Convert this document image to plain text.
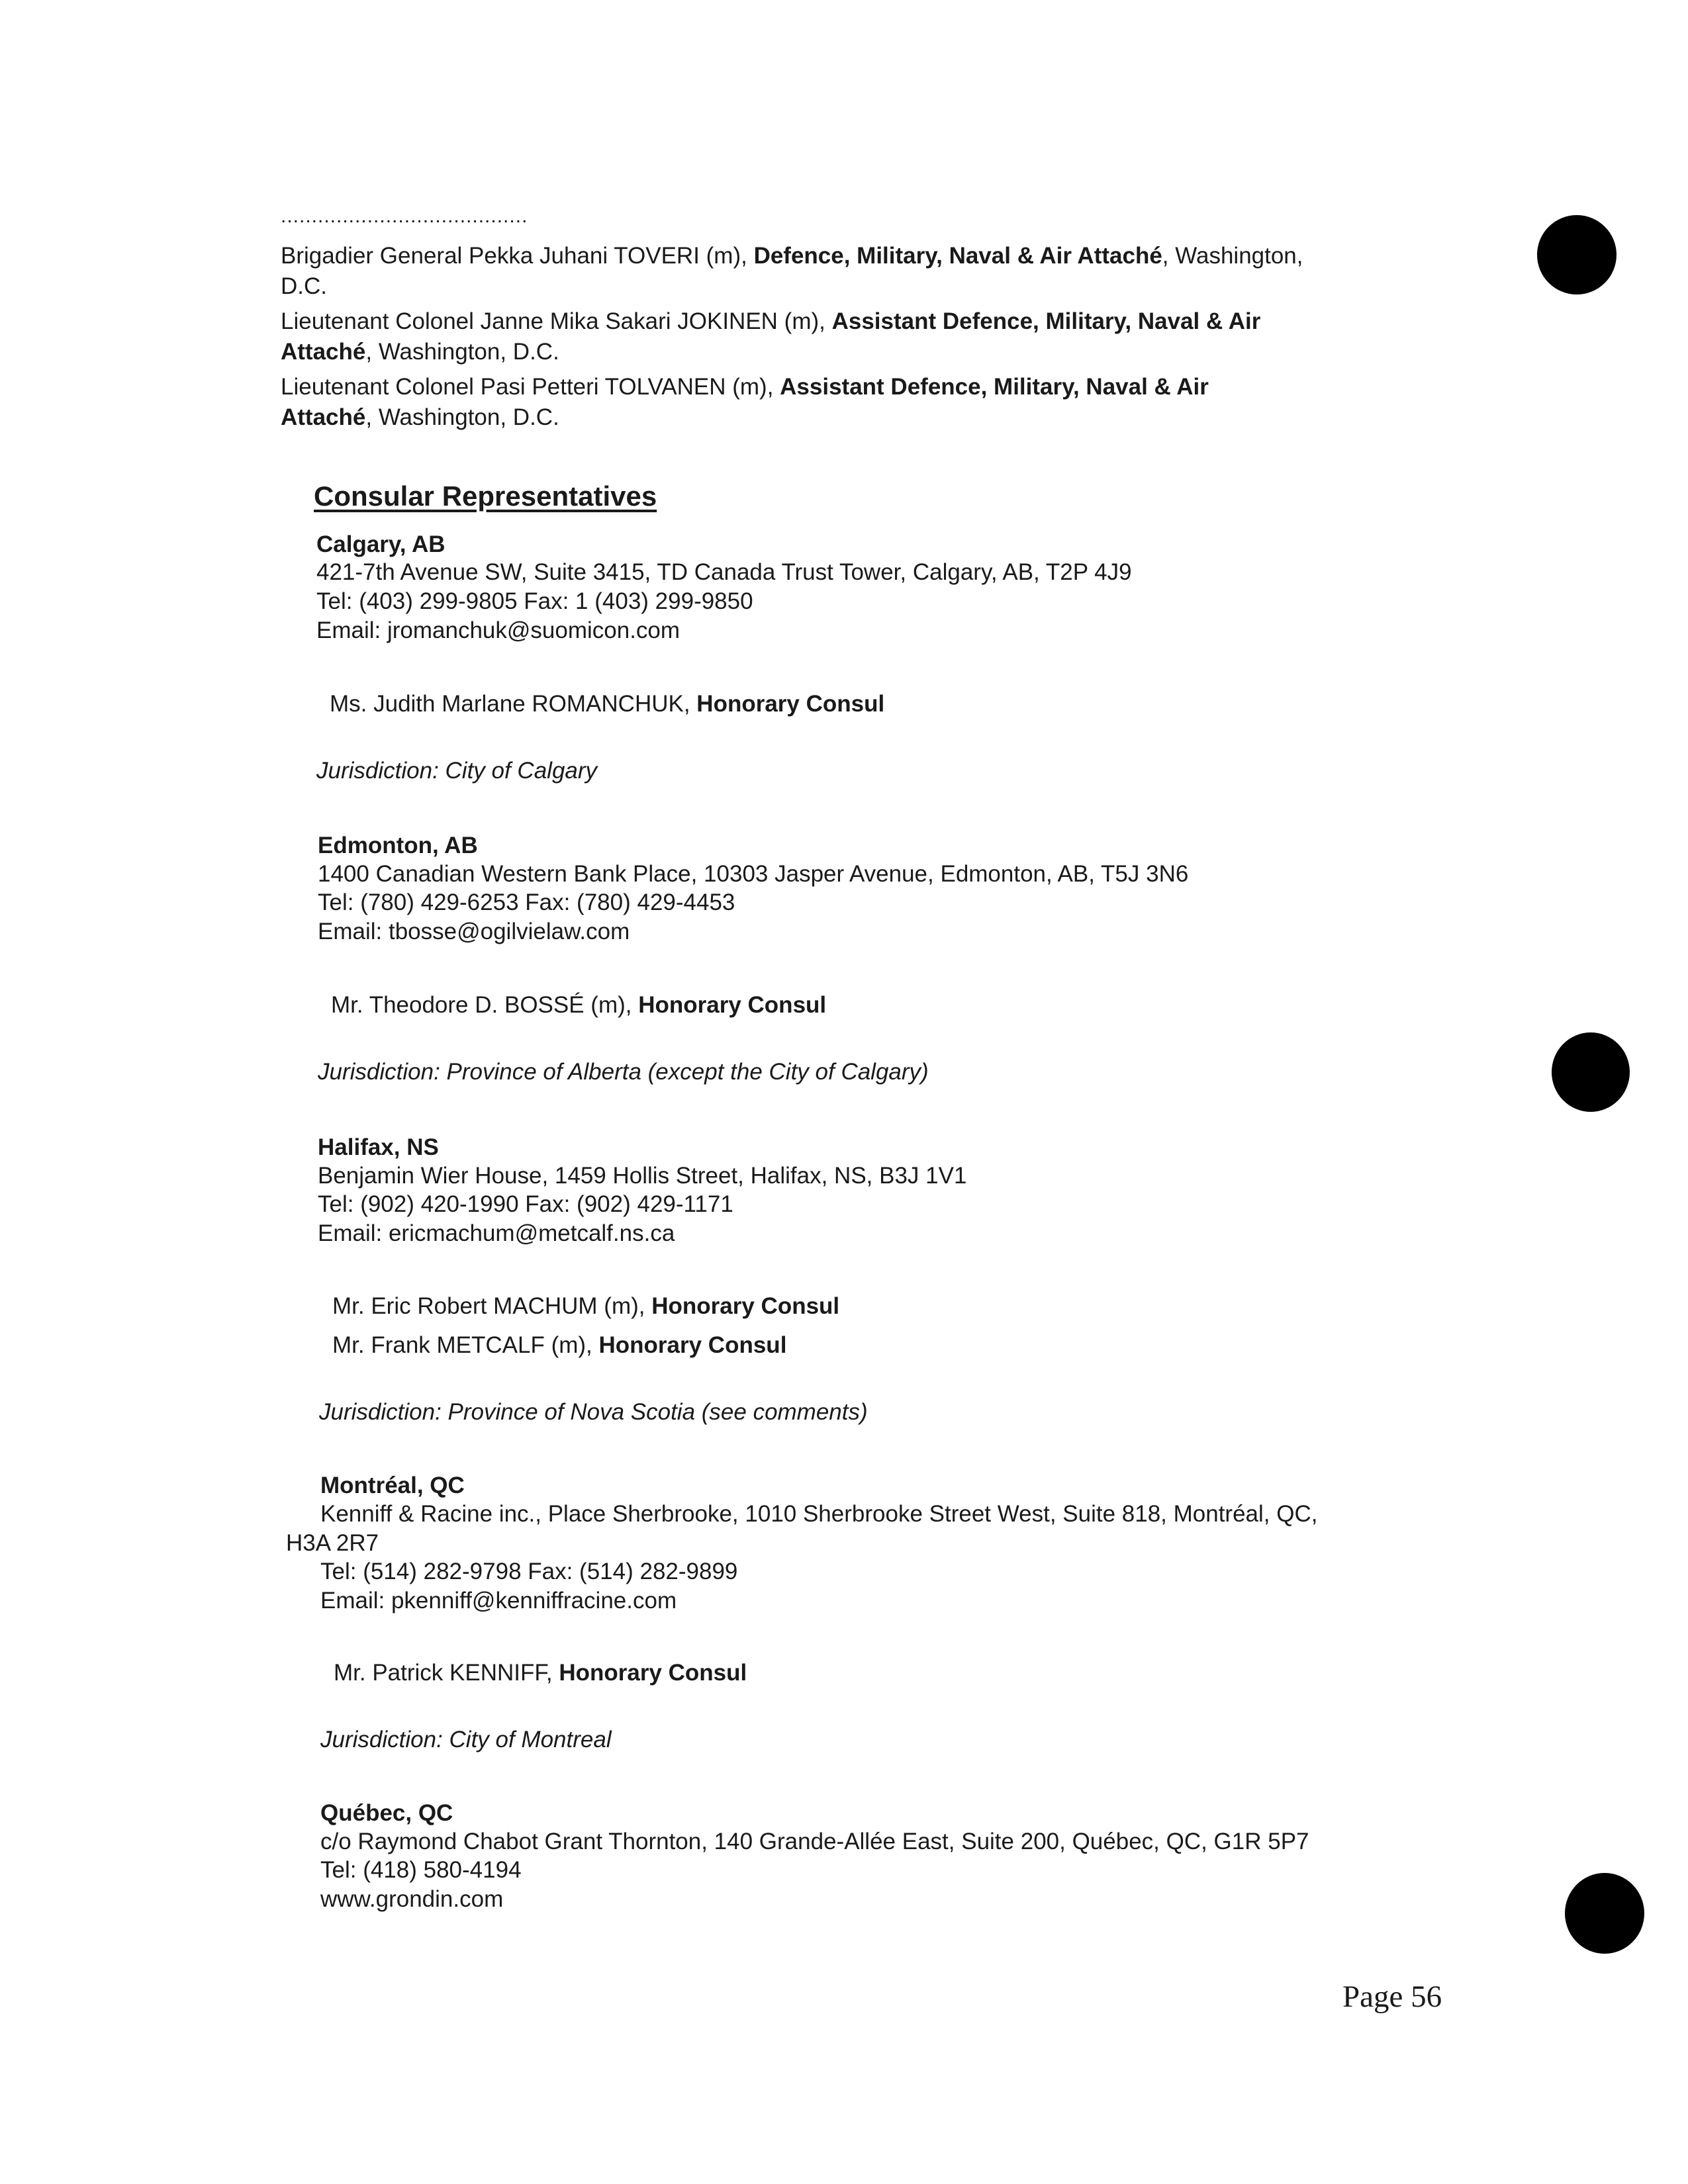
........................................
Brigadier General Pekka Juhani TOVERI (m), Defence, Military, Naval & Air Attaché, Washington,
D.C.
Lieutenant Colonel Janne Mika Sakari JOKINEN (m), Assistant Defence, Military, Naval & Air
Attaché, Washington, D.C.
Lieutenant Colonel Pasi Petteri TOLVANEN (m), Assistant Defence, Military, Naval & Air
Attaché, Washington, D.C.
Consular Representatives
Calgary, AB
421-7th Avenue SW, Suite 3415, TD Canada Trust Tower, Calgary, AB, T2P 4J9
Tel: (403) 299-9805 Fax: 1 (403) 299-9850
Email: jromanchuk@suomicon.com
Ms. Judith Marlane ROMANCHUK, Honorary Consul
Jurisdiction: City of Calgary
Edmonton, AB
1400 Canadian Western Bank Place, 10303 Jasper Avenue, Edmonton, AB, T5J 3N6
Tel: (780) 429-6253 Fax: (780) 429-4453
Email: tbosse@ogilvielaw.com
Mr. Theodore D. BOSSÉ (m), Honorary Consul
Jurisdiction: Province of Alberta (except the City of Calgary)
Halifax, NS
Benjamin Wier House, 1459 Hollis Street, Halifax, NS, B3J 1V1
Tel: (902) 420-1990 Fax: (902) 429-1171
Email: ericmachum@metcalf.ns.ca
Mr. Eric Robert MACHUM (m), Honorary Consul
Mr. Frank METCALF (m), Honorary Consul
Jurisdiction: Province of Nova Scotia (see comments)
Montréal, QC
Kenniff & Racine inc., Place Sherbrooke, 1010 Sherbrooke Street West, Suite 818, Montréal, QC,
H3A 2R7
Tel: (514) 282-9798 Fax: (514) 282-9899
Email: pkenniff@kenniffracine.com
Mr. Patrick KENNIFF, Honorary Consul
Jurisdiction: City of Montreal
Québec, QC
c/o Raymond Chabot Grant Thornton, 140 Grande-Allée East, Suite 200, Québec, QC, G1R 5P7
Tel: (418) 580-4194
www.grondin.com
Page 56
